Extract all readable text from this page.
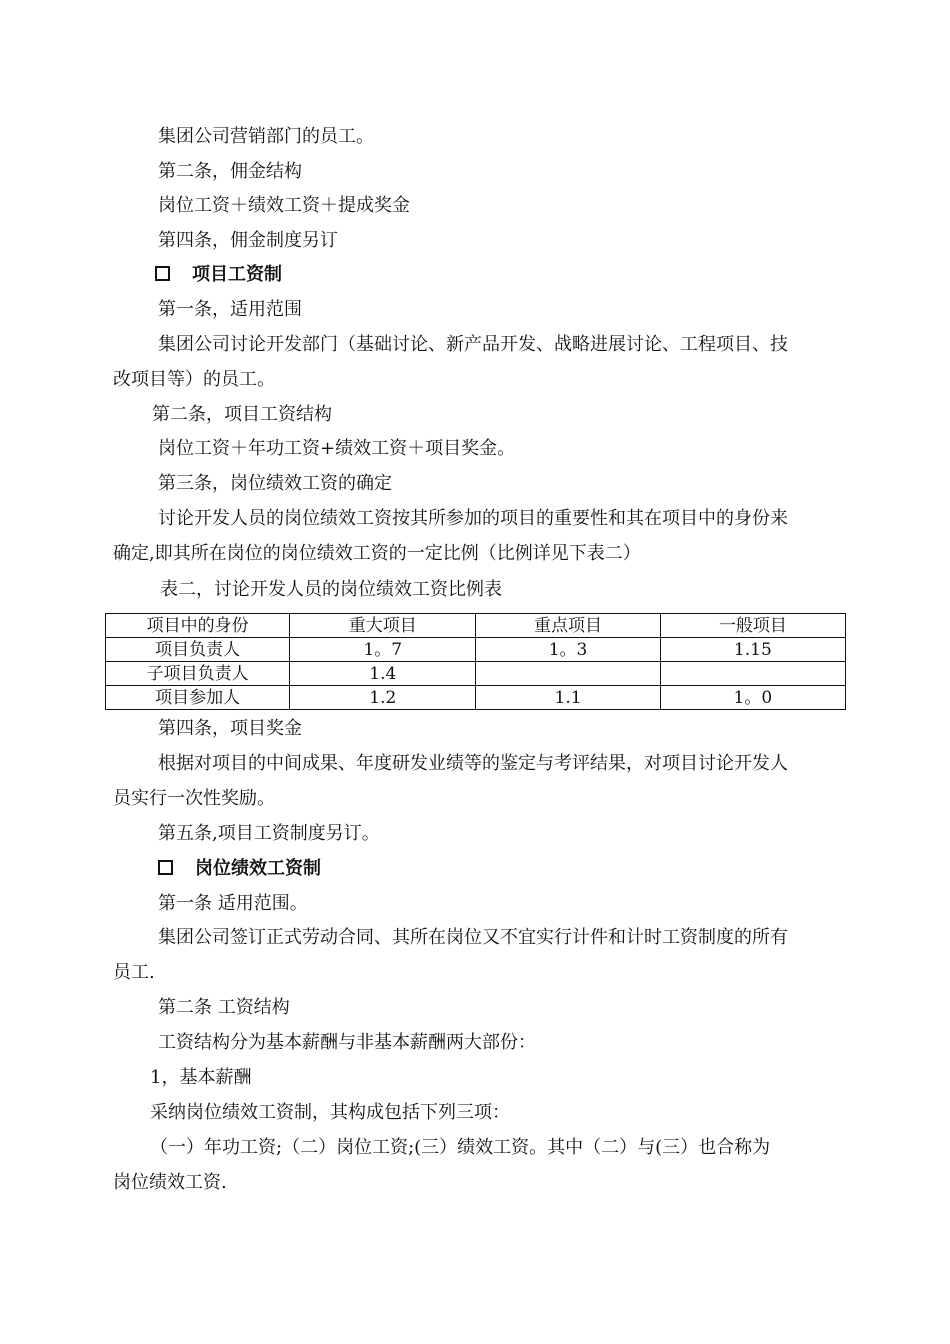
集团公司营销部门的员工。
第二条，佣金结构
岗位工资＋绩效工资＋提成奖金
第四条，佣金制度另订
项目工资制
第一条，适用范围
集团公司讨论开发部门（基础讨论、新产品开发、战略进展讨论、工程项目、技
改项目等）的员工。
第二条，项目工资结构
岗位工资＋年功工资+绩效工资＋项目奖金。
第三条，岗位绩效工资的确定
讨论开发人员的岗位绩效工资按其所参加的项目的重要性和其在项目中的身份来
确定,即其所在岗位的岗位绩效工资的一定比例（比例详见下表二）
表二，讨论开发人员的岗位绩效工资比例表
项目中的身份	重大项目	重点项目	一般项目
项目负责人	1。7	1。3	1.15
子项目负责人	1.4		
项目参加人	1.2	1.1	1。0
第四条，项目奖金
根据对项目的中间成果、年度研发业绩等的鉴定与考评结果，对项目讨论开发人
员实行一次性奖励。
第五条,项目工资制度另订。
岗位绩效工资制
第一条 适用范围。
集团公司签订正式劳动合同、其所在岗位又不宜实行计件和计时工资制度的所有
员工.
第二条 工资结构
工资结构分为基本薪酬与非基本薪酬两大部份：
1，基本薪酬
采纳岗位绩效工资制，其构成包括下列三项：
（一）年功工资;（二）岗位工资;(三）绩效工资。其中（二）与(三）也合称为
岗位绩效工资.
